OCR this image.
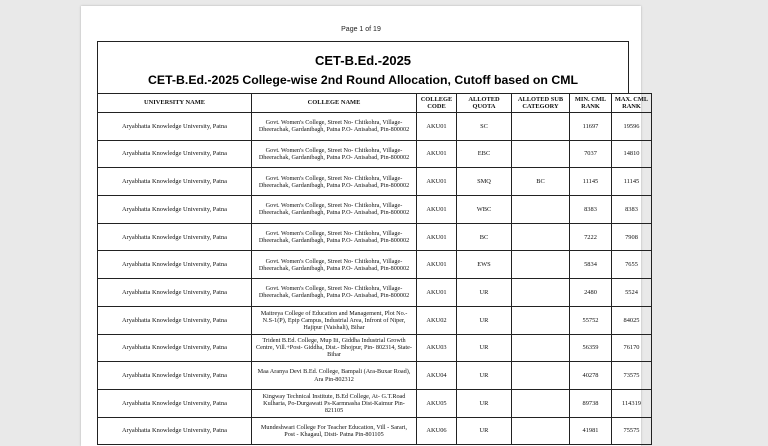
Page 1 of 19
CET-B.Ed.-2025
CET-B.Ed.-2025 College-wise 2nd Round Allocation, Cutoff based on CML
UNIVERSITY NAME	COLLEGE NAME	COLLEGE CODE	ALLOTED QUOTA	ALLOTED SUB CATEGORY	MIN. CML RANK	MAX. CML RANK
Aryabhatta Knowledge University, Patna	Govt. Women's College, Street No- Chitkohra, Village- Dheerachak, Gardanibagh, Patna P.O- Anisabad, Pin-800002	AKU01	SC		11697	19596
Aryabhatta Knowledge University, Patna	Govt. Women's College, Street No- Chitkohra, Village- Dheerachak, Gardanibagh, Patna P.O- Anisabad, Pin-800002	AKU01	EBC		7037	14810
Aryabhatta Knowledge University, Patna	Govt. Women's College, Street No- Chitkohra, Village- Dheerachak, Gardanibagh, Patna P.O- Anisabad, Pin-800002	AKU01	SMQ	BC	11145	11145
Aryabhatta Knowledge University, Patna	Govt. Women's College, Street No- Chitkohra, Village- Dheerachak, Gardanibagh, Patna P.O- Anisabad, Pin-800002	AKU01	WBC		8383	8383
Aryabhatta Knowledge University, Patna	Govt. Women's College, Street No- Chitkohra, Village- Dheerachak, Gardanibagh, Patna P.O- Anisabad, Pin-800002	AKU01	BC		7222	7908
Aryabhatta Knowledge University, Patna	Govt. Women's College, Street No- Chitkohra, Village- Dheerachak, Gardanibagh, Patna P.O- Anisabad, Pin-800002	AKU01	EWS		5834	7655
Aryabhatta Knowledge University, Patna	Govt. Women's College, Street No- Chitkohra, Village- Dheerachak, Gardanibagh, Patna P.O- Anisabad, Pin-800002	AKU01	UR		2480	5524
Aryabhatta Knowledge University, Patna	Maitreya College of Education and Management, Plot No.-N.S-1(P), Epip Campus, Industrial Area, Infront of Niper, Hajipur (Vaishali), Bihar	AKU02	UR		55752	84025
Aryabhatta Knowledge University, Patna	Trident B.Ed. College, Mup Iii, Giddha Industrial Growth Centre, Vill.+Post- Giddha, Dist.- Bhojpur, Pin- 802314, State- Bihar	AKU03	UR		56359	76170
Aryabhatta Knowledge University, Patna	Maa Aranya Devi B.Ed. College, Bampali (Ara-Buxar Road), Ara Pin-802312	AKU04	UR		40278	73575
Aryabhatta Knowledge University, Patna	Kingway Technical Institute, B.Ed College, At- G.T.Road Kulharia, Po-Durgawati Ps-Karmnasha Dist-Kaimur Pin-821105	AKU05	UR		89738	114319
Aryabhatta Knowledge University, Patna	Mundeshwari College For Teacher Education, Vill - Sarari, Post - Khagaul, Distt- Patna Pin-801105	AKU06	UR		41981	75575
